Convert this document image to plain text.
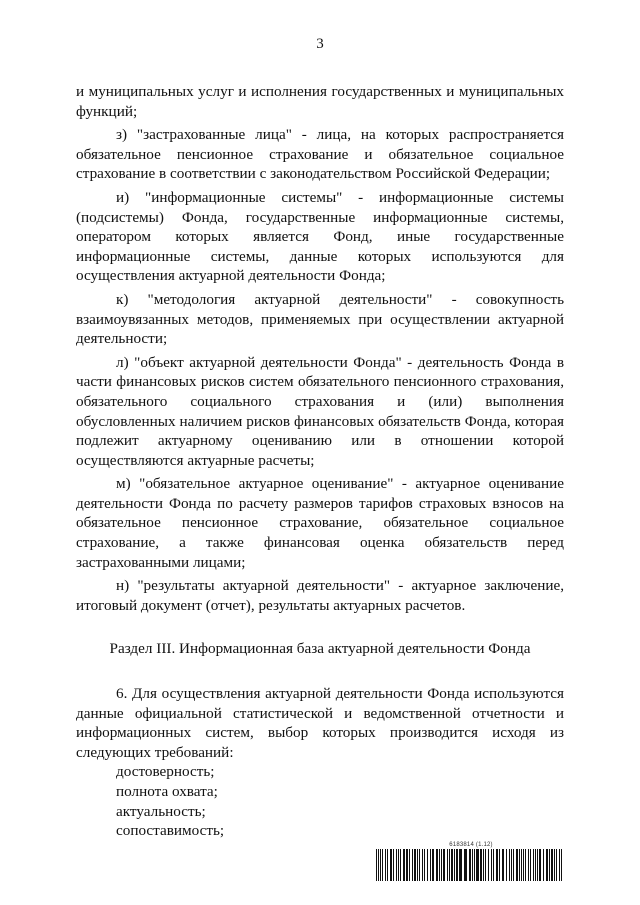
3

и муниципальных услуг и исполнения государственных и муниципальных функций;

з) "застрахованные лица" - лица, на которых распространяется обязательное пенсионное страхование и обязательное социальное страхование в соответствии с законодательством Российской Федерации;

и) "информационные системы" - информационные системы (подсистемы) Фонда, государственные информационные системы, оператором которых является Фонд, иные государственные информационные системы, данные которых используются для осуществления актуарной деятельности Фонда;

к) "методология актуарной деятельности" - совокупность взаимоувязанных методов, применяемых при осуществлении актуарной деятельности;

л) "объект актуарной деятельности Фонда" - деятельность Фонда в части финансовых рисков систем обязательного пенсионного страхования, обязательного социального страхования и (или) выполнения обусловленных наличием рисков финансовых обязательств Фонда, которая подлежит актуарному оцениванию или в отношении которой осуществляются актуарные расчеты;

м) "обязательное актуарное оценивание" - актуарное оценивание деятельности Фонда по расчету размеров тарифов страховых взносов на обязательное пенсионное страхование, обязательное социальное страхование, а также финансовая оценка обязательств перед застрахованными лицами;

н) "результаты актуарной деятельности" - актуарное заключение, итоговый документ (отчет), результаты актуарных расчетов.

Раздел III. Информационная база актуарной деятельности Фонда

6. Для осуществления актуарной деятельности Фонда используются данные официальной статистической и ведомственной отчетности и информационных систем, выбор которых производится исходя из следующих требований:

достоверность;

полнота охвата;

актуальность;

сопоставимость;

6183814 (1.12)
